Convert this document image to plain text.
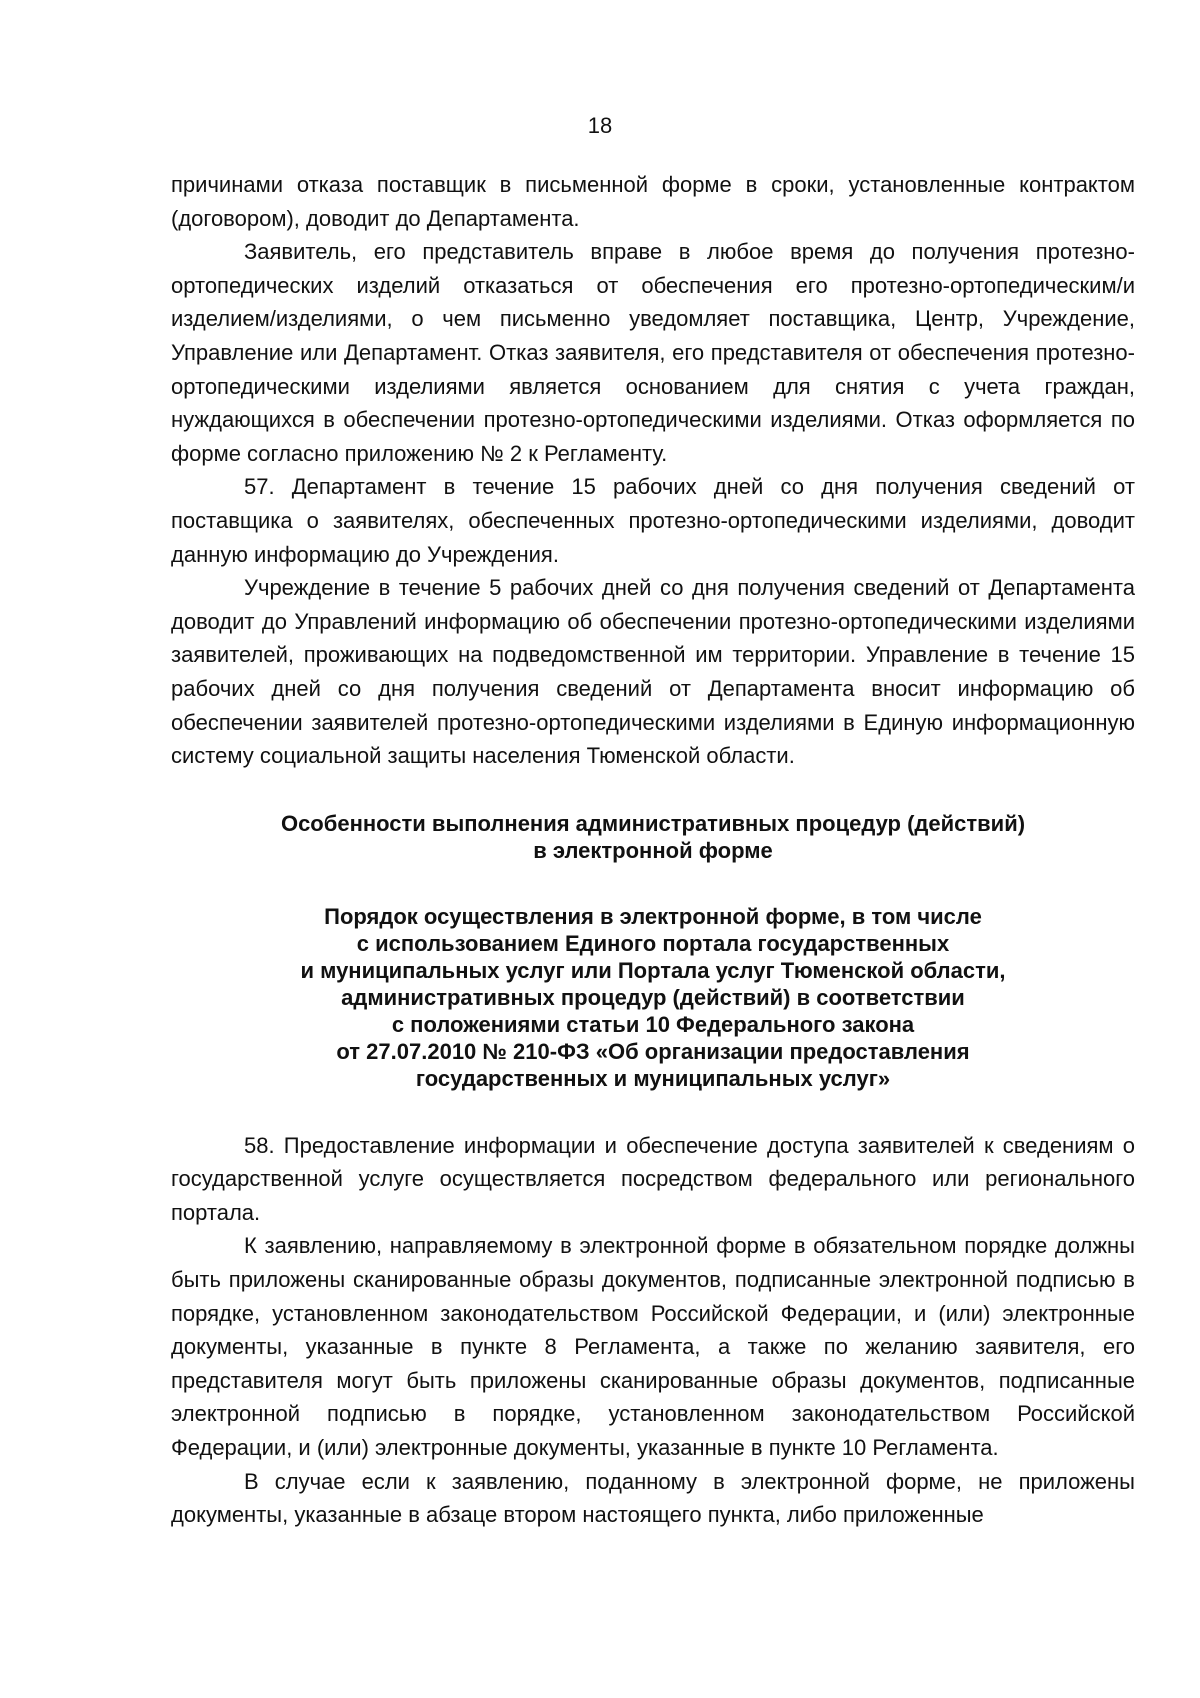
18

причинами отказа поставщик в письменной форме в сроки, установленные контрактом (договором), доводит до Департамента.

Заявитель, его представитель вправе в любое время до получения протезно-ортопедических изделий отказаться от обеспечения его протезно-ортопедическим/и изделием/изделиями, о чем письменно уведомляет поставщика, Центр, Учреждение, Управление или Департамент. Отказ заявителя, его представителя от обеспечения протезно-ортопедическими изделиями является основанием для снятия с учета граждан, нуждающихся в обеспечении протезно-ортопедическими изделиями. Отказ оформляется по форме согласно приложению № 2 к Регламенту.

57. Департамент в течение 15 рабочих дней со дня получения сведений от поставщика о заявителях, обеспеченных протезно-ортопедическими изделиями, доводит данную информацию до Учреждения.

Учреждение в течение 5 рабочих дней со дня получения сведений от Департамента доводит до Управлений информацию об обеспечении протезно-ортопедическими изделиями заявителей, проживающих на подведомственной им территории. Управление в течение 15 рабочих дней со дня получения сведений от Департамента вносит информацию об обеспечении заявителей протезно-ортопедическими изделиями в Единую информационную систему социальной защиты населения Тюменской области.

Особенности выполнения административных процедур (действий)
в электронной форме
Порядок осуществления в электронной форме, в том числе
с использованием Единого портала государственных
и муниципальных услуг или Портала услуг Тюменской области,
административных процедур (действий) в соответствии
с положениями статьи 10 Федерального закона
от 27.07.2010 № 210-ФЗ «Об организации предоставления
государственных и муниципальных услуг»

58. Предоставление информации и обеспечение доступа заявителей к сведениям о государственной услуге осуществляется посредством федерального или регионального портала.

К заявлению, направляемому в электронной форме в обязательном порядке должны быть приложены сканированные образы документов, подписанные электронной подписью в порядке, установленном законодательством Российской Федерации, и (или) электронные документы, указанные в пункте 8 Регламента, а также по желанию заявителя, его представителя могут быть приложены сканированные образы документов, подписанные электронной подписью в порядке, установленном законодательством Российской Федерации, и (или) электронные документы, указанные в пункте 10 Регламента.

В случае если к заявлению, поданному в электронной форме, не приложены документы, указанные в абзаце втором настоящего пункта, либо приложенные
